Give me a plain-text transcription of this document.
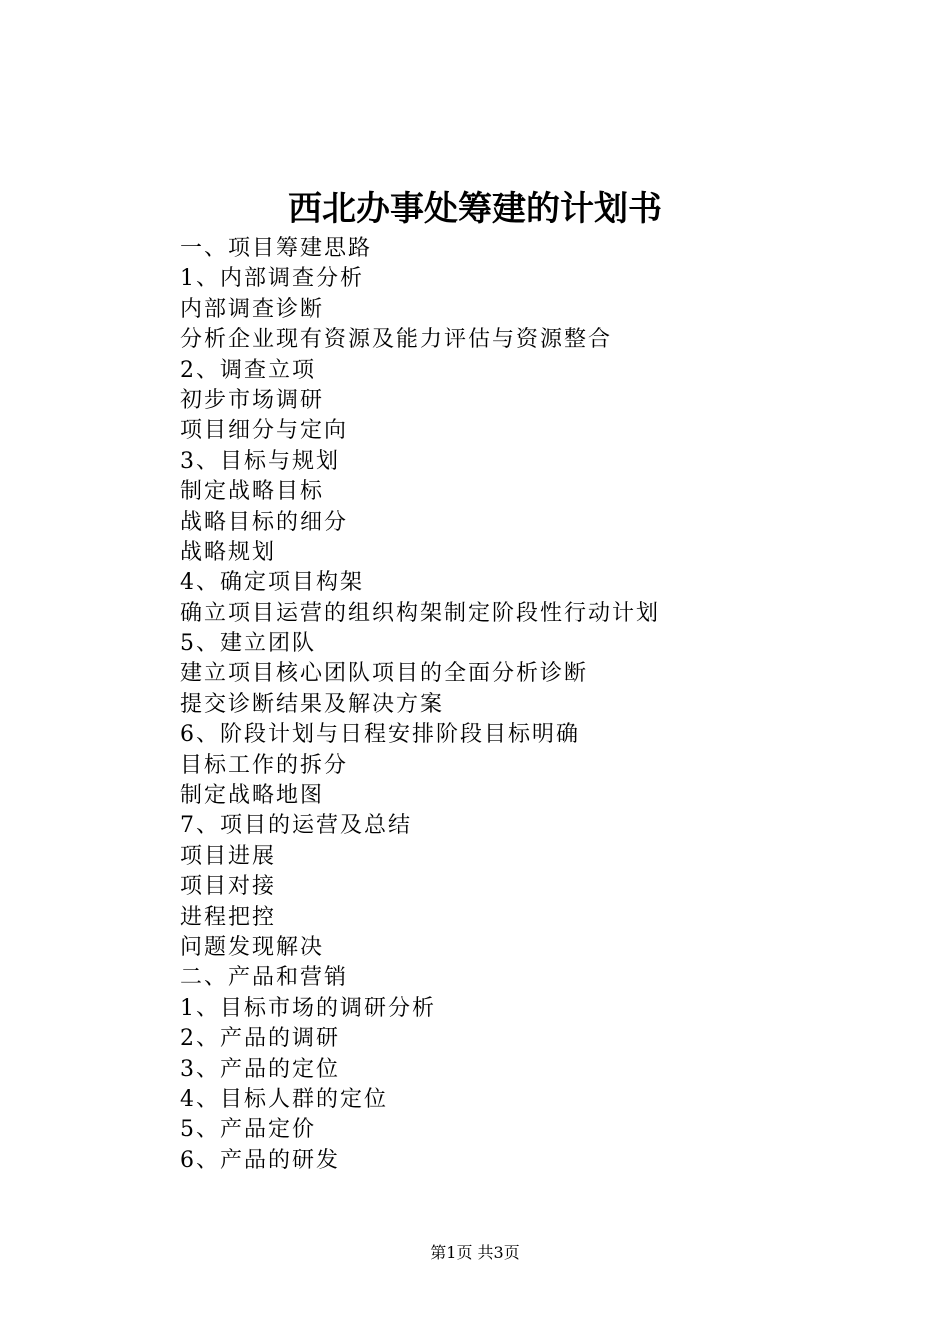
西北办事处筹建的计划书
一、项目筹建思路
1、内部调查分析
内部调查诊断
分析企业现有资源及能力评估与资源整合
2、调查立项
初步市场调研
项目细分与定向
3、目标与规划
制定战略目标
战略目标的细分
战略规划
4、确定项目构架
确立项目运营的组织构架制定阶段性行动计划
5、建立团队
建立项目核心团队项目的全面分析诊断
提交诊断结果及解决方案
6、阶段计划与日程安排阶段目标明确
目标工作的拆分
制定战略地图
7、项目的运营及总结
项目进展
项目对接
进程把控
问题发现解决
二、产品和营销
1、目标市场的调研分析
2、产品的调研
3、产品的定位
4、目标人群的定位
5、产品定价
6、产品的研发
第1页 共3页
